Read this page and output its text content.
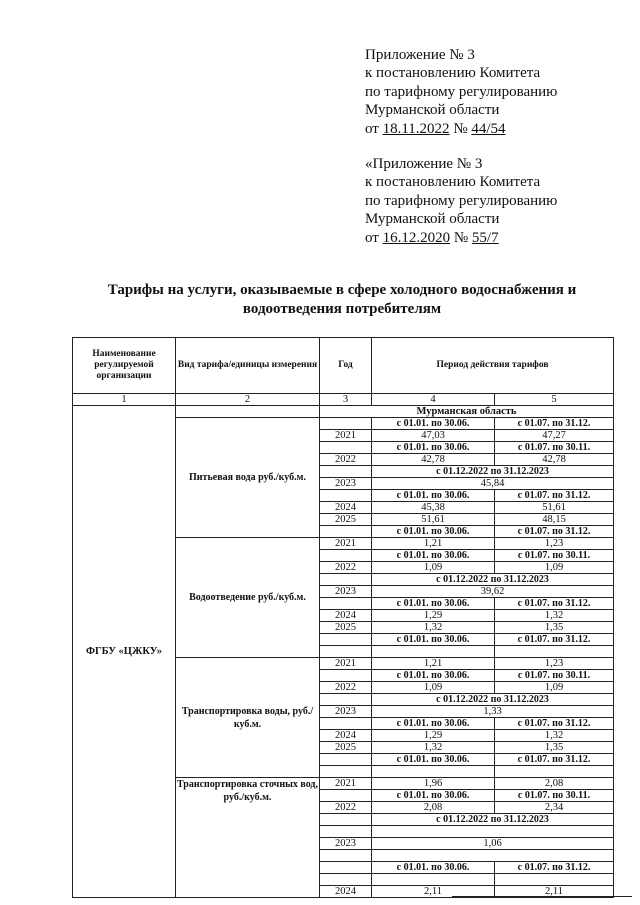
Приложение № 3
к постановлению Комитета
по тарифному регулированию
Мурманской области
от 18.11.2022 № 44/54
«Приложение № 3
к постановлению Комитета
по тарифному регулированию
Мурманской области
от 16.12.2020 № 55/7
Тарифы на услуги, оказываемые в сфере холодного водоснабжения и водоотведения потребителям
Наименование регулируемой организации	Вид тарифа/единицы измерения	Год	Период действия тарифов	
1	2	3	4	5
ФГБУ «ЦЖКУ»		Мурманская область		
	Питьевая вода руб./куб.м.		с 01.01. по 30.06.	с 01.07. по 31.12.
		2021	47,03	47,27
			с 01.01. по 30.06.	с 01.07. по 30.11.
		2022	42,78	42,78
			с 01.12.2022 по 31.12.2023	
		2023	45,84	
			с 01.01. по 30.06.	с 01.07. по 31.12.
		2024	45,38	51,61
		2025	51,61	48,15
			с 01.01. по 30.06.	с 01.07. по 31.12.
	Водоотведение руб./куб.м.	2021	1,21	1,23
			с 01.01. по 30.06.	с 01.07. по 30.11.
		2022	1,09	1,09
			с 01.12.2022 по 31.12.2023	
		2023	39,62	
			с 01.01. по 30.06.	с 01.07. по 31.12.
		2024	1,29	1,32
		2025	1,32	1,35
			с 01.01. по 30.06.	с 01.07. по 31.12.

	Транспортировка воды, руб./куб.м.	2021	1,21	1,23
			с 01.01. по 30.06.	с 01.07. по 30.11.
		2022	1,09	1,09
			с 01.12.2022 по 31.12.2023	
		2023	1,33	
			с 01.01. по 30.06.	с 01.07. по 31.12.
		2024	1,29	1,32
		2025	1,32	1,35
			с 01.01. по 30.06.	с 01.07. по 31.12.

	Транспортировка сточных вод, руб./куб.м.	2021	1,96	2,08
			с 01.01. по 30.06.	с 01.07. по 30.11.
		2022	2,08	2,34
			с 01.12.2022 по 31.12.2023	

		2023	1,06	

			с 01.01. по 30.06.	с 01.07. по 31.12.

		2024	2,11	2,11
